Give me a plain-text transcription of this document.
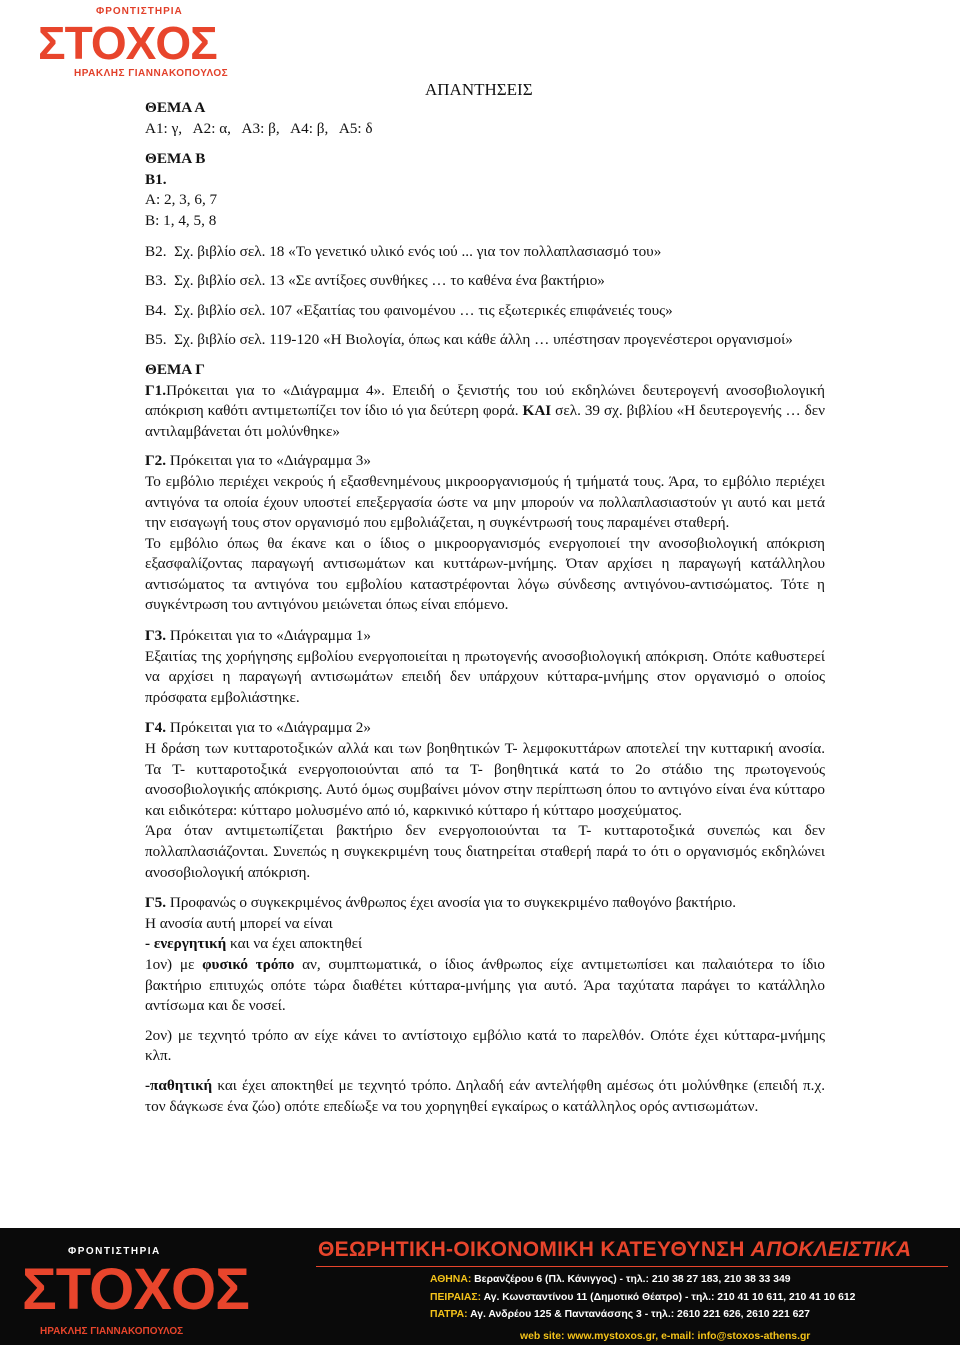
ΦΡΟΝΤΙΣΤΗΡΙΑ
ΣΤΟΧΟΣ
ΗΡΑΚΛΗΣ ΓΙΑΝΝΑΚΟΠΟΥΛΟΣ
ΑΠΑΝΤΗΣΕΙΣ

ΘΕΜΑ Α

Α1: γ,   Α2: α,   Α3: β,   Α4: β,   Α5: δ

ΘΕΜΑ Β

Β1.

Α: 2, 3, 6, 7

Β: 1, 4, 5, 8

Β2.  Σχ. βιβλίο σελ. 18 «Το γενετικό υλικό ενός ιού ... για τον πολλαπλασιασμό του»

Β3.  Σχ. βιβλίο σελ. 13 «Σε αντίξοες συνθήκες … το καθένα ένα βακτήριο»

Β4.  Σχ. βιβλίο σελ. 107 «Εξαιτίας του φαινομένου … τις εξωτερικές επιφάνειές τους»

Β5.  Σχ. βιβλίο σελ. 119-120 «Η Βιολογία, όπως και κάθε άλλη … υπέστησαν προγενέστεροι οργανισμοί»

ΘΕΜΑ Γ

Γ1.Πρόκειται για το «Διάγραμμα 4». Επειδή ο ξενιστής του ιού εκδηλώνει δευτερογενή ανοσοβιολογική απόκριση καθότι αντιμετωπίζει τον ίδιο ιό για δεύτερη φορά. ΚΑΙ σελ. 39 σχ. βιβλίου «Η δευτερογενής … δεν αντιλαμβάνεται ότι μολύνθηκε»

Γ2. Πρόκειται για το «Διάγραμμα 3»

Το εμβόλιο περιέχει νεκρούς ή εξασθενημένους μικροοργανισμούς ή τμήματά τους. Άρα, το εμβόλιο περιέχει αντιγόνα τα οποία έχουν υποστεί επεξεργασία ώστε να μην μπορούν να πολλαπλασιαστούν γι αυτό και μετά την εισαγωγή τους στον οργανισμό που εμβολιάζεται, η συγκέντρωσή τους παραμένει σταθερή.

Το εμβόλιο όπως θα έκανε και ο ίδιος ο μικροοργανισμός ενεργοποιεί την ανοσοβιολογική απόκριση εξασφαλίζοντας παραγωγή αντισωμάτων και κυττάρων-μνήμης. Όταν αρχίσει η παραγωγή κατάλληλου αντισώματος τα αντιγόνα του εμβολίου καταστρέφονται λόγω σύνδεσης αντιγόνου-αντισώματος. Τότε η συγκέντρωση του αντιγόνου μειώνεται όπως είναι επόμενο.

Γ3. Πρόκειται για το «Διάγραμμα 1»

Εξαιτίας της χορήγησης εμβολίου ενεργοποιείται η πρωτογενής ανοσοβιολογική απόκριση. Οπότε καθυστερεί να αρχίσει η παραγωγή αντισωμάτων επειδή δεν υπάρχουν κύτταρα-μνήμης στον οργανισμό ο οποίος πρόσφατα εμβολιάστηκε.

Γ4. Πρόκειται για το «Διάγραμμα 2»

Η δράση των κυτταροτοξικών αλλά και των βοηθητικών Τ- λεμφοκυττάρων αποτελεί την κυτταρική ανοσία. Τα Τ- κυτταροτοξικά ενεργοποιούνται από τα Τ- βοηθητικά κατά το 2ο στάδιο της πρωτογενούς ανοσοβιολογικής απόκρισης. Αυτό όμως συμβαίνει μόνον στην περίπτωση όπου το αντιγόνο είναι ένα κύτταρο και ειδικότερα: κύτταρο μολυσμένο από ιό, καρκινικό κύτταρο ή κύτταρο μοσχεύματος.

Άρα όταν αντιμετωπίζεται βακτήριο δεν ενεργοποιούνται τα Τ- κυτταροτοξικά συνεπώς και δεν πολλαπλασιάζονται. Συνεπώς η συγκεκριμένη τους διατηρείται σταθερή παρά το ότι ο οργανισμός εκδηλώνει ανοσοβιολογική απόκριση.

Γ5. Προφανώς ο συγκεκριμένος άνθρωπος έχει ανοσία για το συγκεκριμένο παθογόνο βακτήριο.

Η ανοσία αυτή μπορεί να είναι

- ενεργητική και να έχει αποκτηθεί

1ον) με φυσικό τρόπο αν, συμπτωματικά, ο ίδιος άνθρωπος είχε αντιμετωπίσει και παλαιότερα το ίδιο βακτήριο επιτυχώς οπότε τώρα διαθέτει κύτταρα-μνήμης για αυτό. Άρα ταχύτατα παράγει το κατάλληλο αντίσωμα και δε νοσεί.

2ον) με τεχνητό τρόπο αν είχε κάνει το αντίστοιχο εμβόλιο κατά το παρελθόν. Οπότε έχει κύτταρα-μνήμης κλπ.

-παθητική και έχει αποκτηθεί με τεχνητό τρόπο. Δηλαδή εάν αντελήφθη αμέσως ότι μολύνθηκε (επειδή π.χ. τον δάγκωσε ένα ζώο) οπότε επεδίωξε να του χορηγηθεί εγκαίρως ο κατάλληλος ορός αντισωμάτων.

ΦΡΟΝΤΙΣΤΗΡΙΑ
ΣΤΟΧΟΣ
ΗΡΑΚΛΗΣ ΓΙΑΝΝΑΚΟΠΟΥΛΟΣ
ΘΕΩΡΗΤΙΚΗ-ΟΙΚΟΝΟΜΙΚΗ ΚΑΤΕΥΘΥΝΣΗ ΑΠΟΚΛΕΙΣΤΙΚΑ
ΑΘΗΝΑ: Βερανζέρου 6 (Πλ. Κάνιγγος) - τηλ.: 210 38 27 183, 210 38 33 349
ΠΕΙΡΑΙΑΣ: Αγ. Κωνσταντίνου 11 (Δημοτικό Θέατρο) - τηλ.: 210 41 10 611, 210 41 10 612
ΠΑΤΡΑ: Αγ. Ανδρέου 125 & Παντανάσσης 3 - τηλ.: 2610 221 626, 2610 221 627
web site: www.mystoxos.gr, e-mail: info@stoxos-athens.gr
